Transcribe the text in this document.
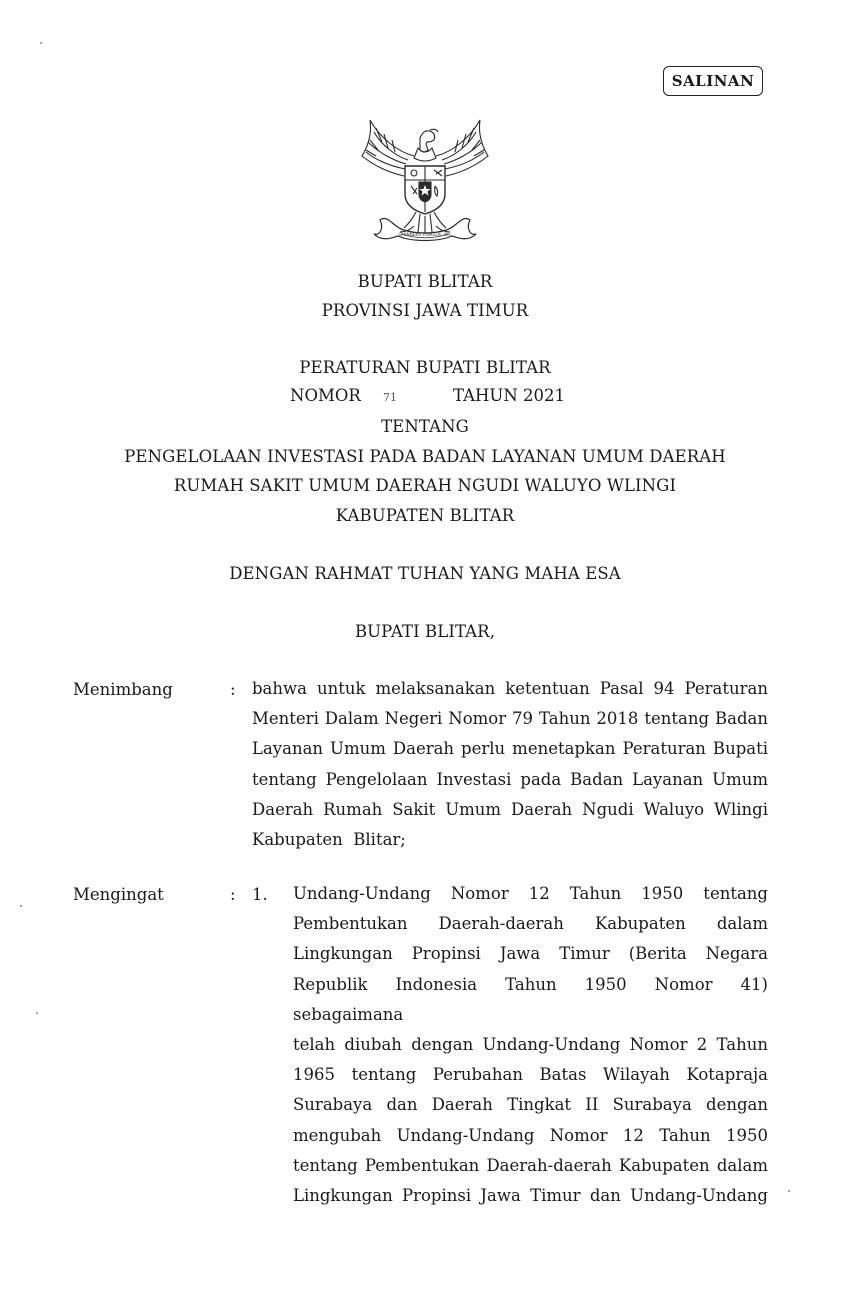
SALINAN
BHINNEKA TUNGGAL IKA
BUPATI BLITAR
PROVINSI JAWA TIMUR
PERATURAN BUPATI BLITAR
NOMOR 71	TAHUN 2021
TENTANG
PENGELOLAAN INVESTASI PADA BADAN LAYANAN UMUM DAERAH
RUMAH SAKIT UMUM DAERAH NGUDI WALUYO WLINGI
KABUPATEN BLITAR
DENGAN RAHMAT TUHAN YANG MAHA ESA
BUPATI BLITAR,
Menimbang	: bahwa untuk melaksanakan ketentuan Pasal 94 Peraturan
Menteri Dalam Negeri Nomor 79 Tahun 2018 tentang Badan
Layanan Umum Daerah perlu menetapkan Peraturan Bupati
tentang Pengelolaan Investasi pada Badan Layanan Umum
Daerah Rumah Sakit Umum Daerah Ngudi Waluyo Wlingi
Kabupaten  Blitar;
Mengingat	: 1. Undang-Undang Nomor 12 Tahun 1950 tentang
Pembentukan Daerah-daerah Kabupaten dalam
Lingkungan Propinsi Jawa Timur (Berita Negara
Republik Indonesia Tahun 1950 Nomor 41) sebagaimana
telah diubah dengan Undang-Undang Nomor 2 Tahun
1965 tentang Perubahan Batas Wilayah Kotapraja
Surabaya dan Daerah Tingkat II Surabaya dengan
mengubah Undang-Undang Nomor 12 Tahun 1950
tentang Pembentukan Daerah-daerah Kabupaten dalam
Lingkungan Propinsi Jawa Timur dan Undang-Undang
